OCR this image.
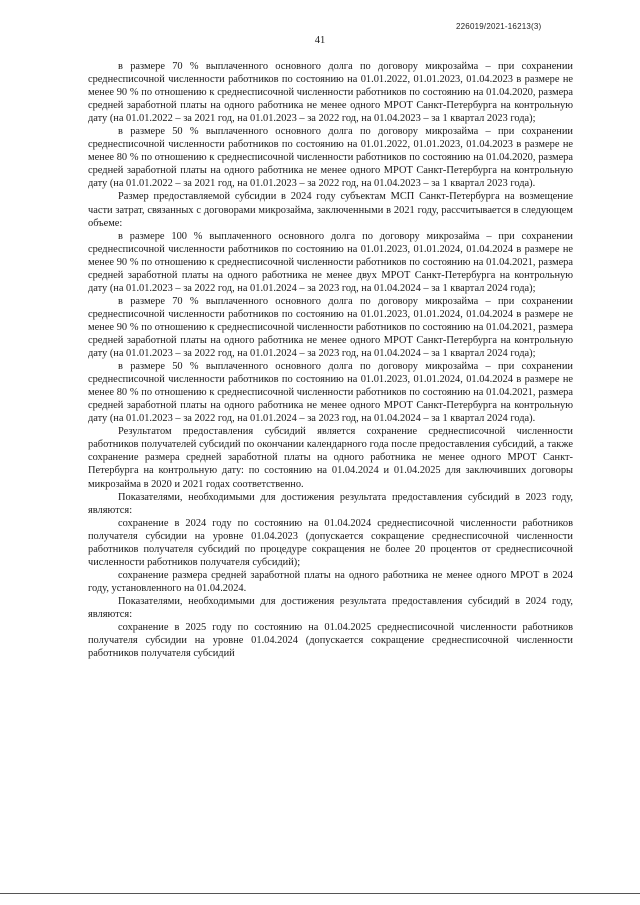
226019/2021-16213(3)
41

в размере 70 % выплаченного основного долга по договору микрозайма – при сохранении среднесписочной численности работников по состоянию на 01.01.2022, 01.01.2023, 01.04.2023 в размере не менее 90 % по отношению к среднесписочной численности работников по состоянию на 01.04.2020, размера средней заработной платы на одного работника не менее одного МРОТ Санкт-Петербурга на контрольную дату (на 01.01.2022 – за 2021 год, на 01.01.2023 – за 2022 год, на 01.04.2023 – за 1 квартал 2023 года);

в размере 50 % выплаченного основного долга по договору микрозайма – при сохранении среднесписочной численности работников по состоянию на 01.01.2022, 01.01.2023, 01.04.2023 в размере не менее 80 % по отношению к среднесписочной численности работников по состоянию на 01.04.2020, размера средней заработной платы на одного работника не менее одного МРОТ Санкт-Петербурга на контрольную дату (на 01.01.2022 – за 2021 год, на 01.01.2023 – за 2022 год, на 01.04.2023 – за 1 квартал 2023 года).

Размер предоставляемой субсидии в 2024 году субъектам МСП Санкт-Петербурга на возмещение части затрат, связанных с договорами микрозайма, заключенными в 2021 году, рассчитывается в следующем объеме:

в размере 100 % выплаченного основного долга по договору микрозайма – при сохранении среднесписочной численности работников по состоянию на 01.01.2023, 01.01.2024, 01.04.2024 в размере не менее 90 % по отношению к среднесписочной численности работников по состоянию на 01.04.2021, размера средней заработной платы на одного работника не менее двух МРОТ Санкт-Петербурга на контрольную дату (на 01.01.2023 – за 2022 год, на 01.01.2024 – за 2023 год, на 01.04.2024 – за 1 квартал 2024 года);

в размере 70 % выплаченного основного долга по договору микрозайма – при сохранении среднесписочной численности работников по состоянию на 01.01.2023, 01.01.2024, 01.04.2024 в размере не менее 90 % по отношению к среднесписочной численности работников по состоянию на 01.04.2021, размера средней заработной платы на одного работника не менее одного МРОТ Санкт-Петербурга на контрольную дату (на 01.01.2023 – за 2022 год, на 01.01.2024 – за 2023 год, на 01.04.2024 – за 1 квартал 2024 года);

в размере 50 % выплаченного основного долга по договору микрозайма – при сохранении среднесписочной численности работников по состоянию на 01.01.2023, 01.01.2024, 01.04.2024 в размере не менее 80 % по отношению к среднесписочной численности работников по состоянию на 01.04.2021, размера средней заработной платы на одного работника не менее одного МРОТ Санкт-Петербурга на контрольную дату (на 01.01.2023 – за 2022 год, на 01.01.2024 – за 2023 год, на 01.04.2024 – за 1 квартал 2024 года).

Результатом предоставления субсидий является сохранение среднесписочной численности работников получателей субсидий по окончании календарного года после предоставления субсидий, а также сохранение размера средней заработной платы на одного работника не менее одного МРОТ Санкт-Петербурга на контрольную дату: по состоянию на 01.04.2024 и 01.04.2025 для заключивших договоры микрозайма в 2020 и 2021 годах соответственно.

Показателями, необходимыми для достижения результата предоставления субсидий в 2023 году, являются:

сохранение в 2024 году по состоянию на 01.04.2024 среднесписочной численности работников получателя субсидии на уровне 01.04.2023 (допускается сокращение среднесписочной численности работников получателя субсидий по процедуре сокращения не более 20 процентов от среднесписочной численности работников получателя субсидий);

сохранение размера средней заработной платы на одного работника не менее одного МРОТ в 2024 году, установленного на 01.04.2024.

Показателями, необходимыми для достижения результата предоставления субсидий в 2024 году, являются:

сохранение в 2025 году по состоянию на 01.04.2025 среднесписочной численности работников получателя субсидии на уровне 01.04.2024 (допускается сокращение среднесписочной численности работников получателя субсидий
